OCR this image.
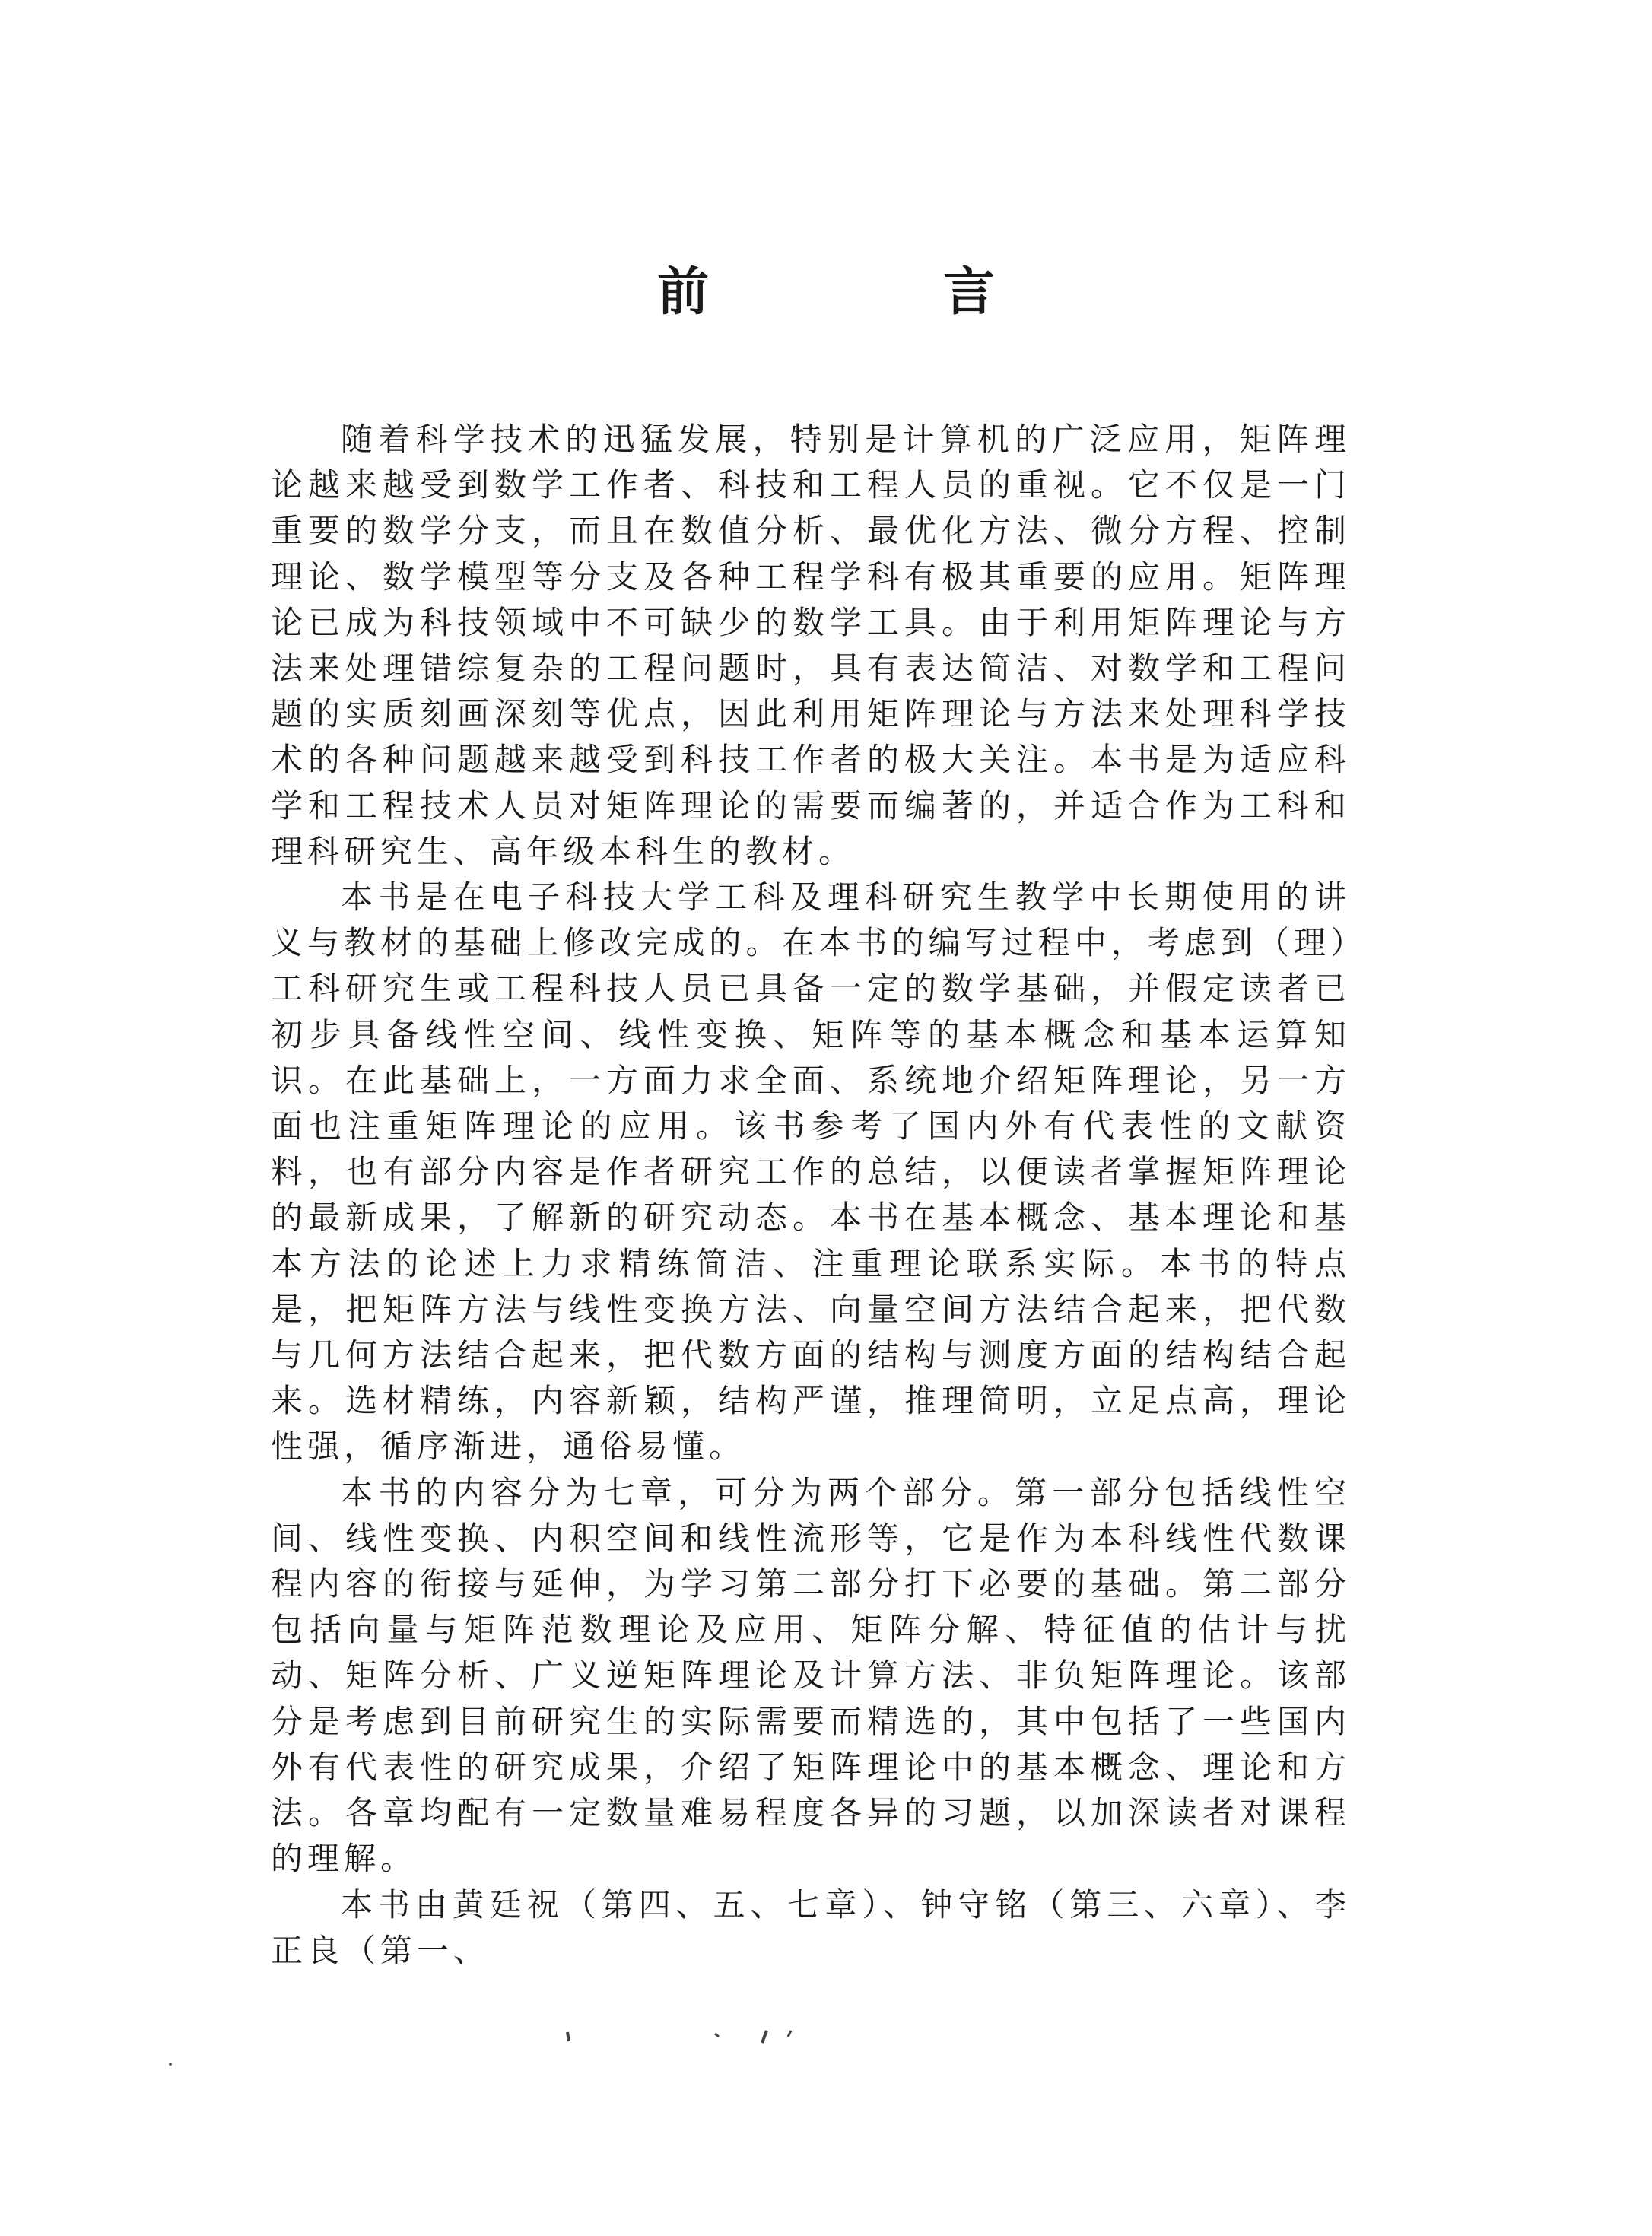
前　言

随着科学技术的迅猛发展，特别是计算机的广泛应用，矩阵理论越来越受到数学工作者、科技和工程人员的重视。它不仅是一门重要的数学分支，而且在数值分析、最优化方法、微分方程、控制理论、数学模型等分支及各种工程学科有极其重要的应用。矩阵理论已成为科技领域中不可缺少的数学工具。由于利用矩阵理论与方法来处理错综复杂的工程问题时，具有表达简洁、对数学和工程问题的实质刻画深刻等优点，因此利用矩阵理论与方法来处理科学技术的各种问题越来越受到科技工作者的极大关注。本书是为适应科学和工程技术人员对矩阵理论的需要而编著的，并适合作为工科和理科研究生、高年级本科生的教材。

本书是在电子科技大学工科及理科研究生教学中长期使用的讲义与教材的基础上修改完成的。在本书的编写过程中，考虑到（理）工科研究生或工程科技人员已具备一定的数学基础，并假定读者已初步具备线性空间、线性变换、矩阵等的基本概念和基本运算知识。在此基础上，一方面力求全面、系统地介绍矩阵理论，另一方面也注重矩阵理论的应用。该书参考了国内外有代表性的文献资料，也有部分内容是作者研究工作的总结，以便读者掌握矩阵理论的最新成果，了解新的研究动态。本书在基本概念、基本理论和基本方法的论述上力求精练简洁、注重理论联系实际。本书的特点是，把矩阵方法与线性变换方法、向量空间方法结合起来，把代数与几何方法结合起来，把代数方面的结构与测度方面的结构结合起来。选材精练，内容新颖，结构严谨，推理简明，立足点高，理论性强，循序渐进，通俗易懂。

本书的内容分为七章，可分为两个部分。第一部分包括线性空间、线性变换、内积空间和线性流形等，它是作为本科线性代数课程内容的衔接与延伸，为学习第二部分打下必要的基础。第二部分包括向量与矩阵范数理论及应用、矩阵分解、特征值的估计与扰动、矩阵分析、广义逆矩阵理论及计算方法、非负矩阵理论。该部分是考虑到目前研究生的实际需要而精选的，其中包括了一些国内外有代表性的研究成果，介绍了矩阵理论中的基本概念、理论和方法。各章均配有一定数量难易程度各异的习题，以加深读者对课程的理解。

本书由黄廷祝（第四、五、七章）、钟守铭（第三、六章）、李正良（第一、
